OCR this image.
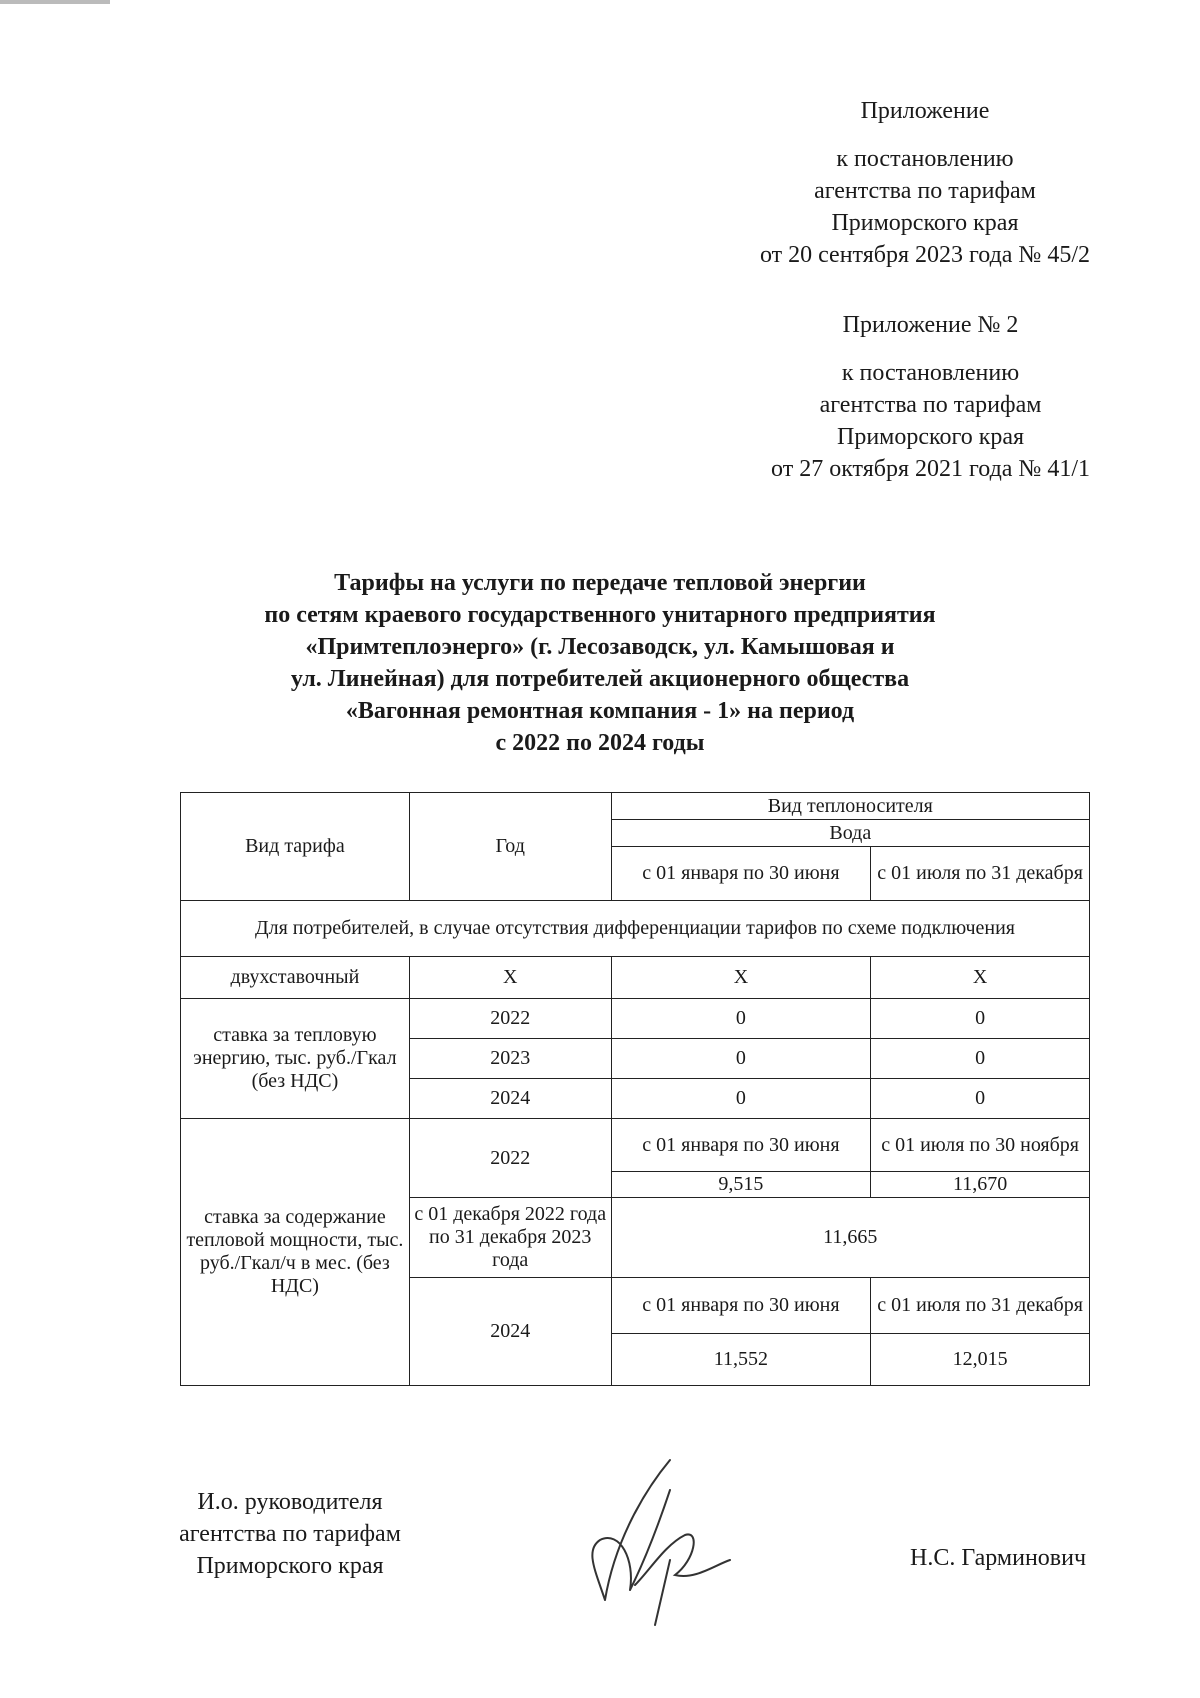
Приложение
к постановлению
агентства по тарифам
Приморского края
от 20 сентября 2023 года № 45/2
Приложение № 2
к постановлению
агентства по тарифам
Приморского края
от 27 октября 2021 года № 41/1
Тарифы на услуги по передаче тепловой энергии
по сетям краевого государственного унитарного предприятия
«Примтеплоэнерго» (г. Лесозаводск, ул. Камышовая и
ул. Линейная) для потребителей акционерного общества
«Вагонная ремонтная компания - 1» на период
с 2022 по 2024 годы
Вид тарифа	Год	Вид теплоносителя	
		Вода	
		с 01 января по 30 июня	с 01 июля по 31 декабря
Для потребителей, в случае отсутствия дифференциации тарифов по схеме подключения			
двухставочный	Х	Х	Х
ставка за тепловую энергию, тыс. руб./Гкал (без НДС)	2022	0	0
	2023	0	0
	2024	0	0
ставка за содержание тепловой мощности, тыс. руб./Гкал/ч в мес. (без НДС)	2022	с 01 января по 30 июня	с 01 июля по 30 ноября
		9,515	11,670
	с 01 декабря 2022 года по 31 декабря 2023 года	11,665	
	2024	с 01 января по 30 июня	с 01 июля по 31 декабря
		11,552	12,015
И.о. руководителя
агентства по тарифам
Приморского края	Н.С. Гарминович
